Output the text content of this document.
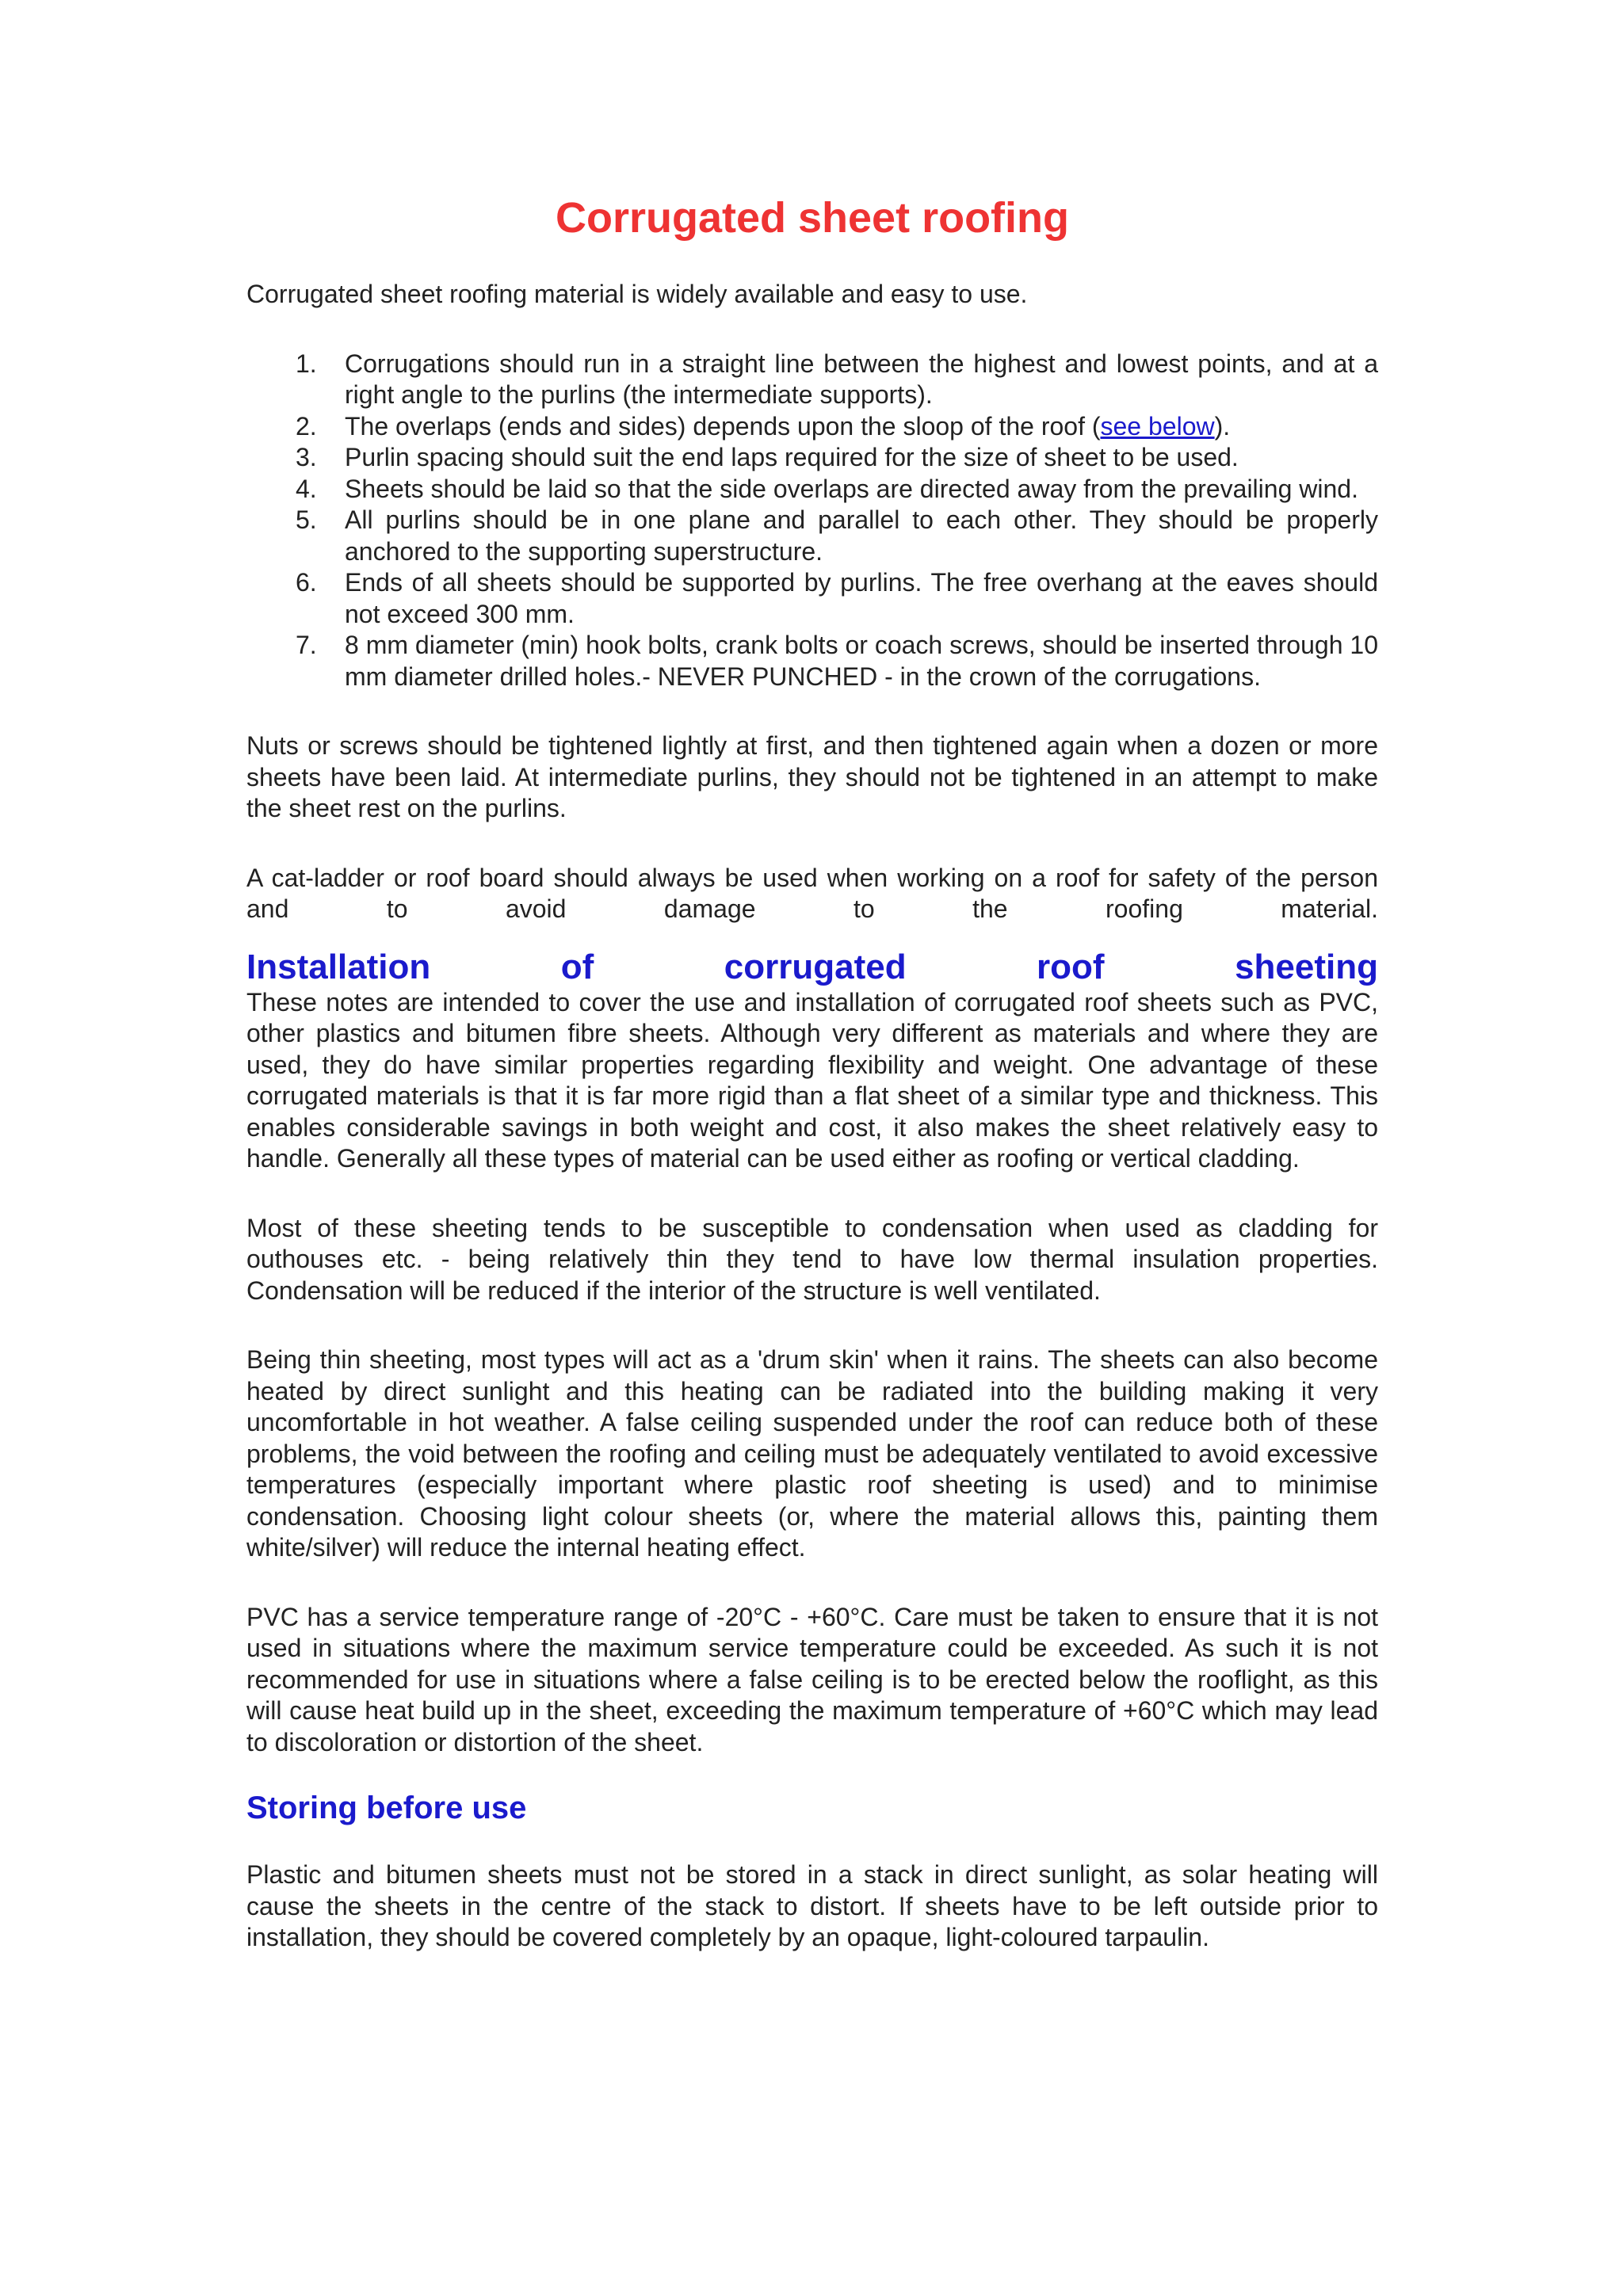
Corrugated sheet roofing

Corrugated sheet roofing material is widely available and easy to use.

1. Corrugations should run in a straight line between the highest and lowest points, and at a right angle to the purlins (the intermediate supports).
2. The overlaps (ends and sides) depends upon the sloop of the roof (see below).
3. Purlin spacing should suit the end laps required for the size of sheet to be used.
4. Sheets should be laid so that the side overlaps are directed away from the prevailing wind.
5. All purlins should be in one plane and parallel to each other. They should be properly anchored to the supporting superstructure.
6. Ends of all sheets should be supported by purlins. The free overhang at the eaves should not exceed 300 mm.
7. 8 mm diameter (min) hook bolts, crank bolts or coach screws, should be inserted through 10 mm diameter drilled holes.- NEVER PUNCHED - in the crown of the corrugations.

Nuts or screws should be tightened lightly at first, and then tightened again when a dozen or more sheets have been laid. At intermediate purlins, they should not be tightened in an attempt to make the sheet rest on the purlins.

A cat-ladder or roof board should always be used when working on a roof for safety of the person and to avoid damage to the roofing material.

Installation of corrugated roof sheeting

These notes are intended to cover the use and installation of corrugated roof sheets such as PVC, other plastics and bitumen fibre sheets. Although very different as materials and where they are used, they do have similar properties regarding flexibility and weight. One advantage of these corrugated materials is that it is far more rigid than a flat sheet of a similar type and thickness. This enables considerable savings in both weight and cost, it also makes the sheet relatively easy to handle. Generally all these types of material can be used either as roofing or vertical cladding.

Most of these sheeting tends to be susceptible to condensation when used as cladding for outhouses etc. - being relatively thin they tend to have low thermal insulation properties. Condensation will be reduced if the interior of the structure is well ventilated.

Being thin sheeting, most types will act as a 'drum skin' when it rains. The sheets can also become heated by direct sunlight and this heating can be radiated into the building making it very uncomfortable in hot weather. A false ceiling suspended under the roof can reduce both of these problems, the void between the roofing and ceiling must be adequately ventilated to avoid excessive temperatures (especially important where plastic roof sheeting is used) and to minimise condensation. Choosing light colour sheets (or, where the material allows this, painting them white/silver) will reduce the internal heating effect.

PVC has a service temperature range of -20°C - +60°C. Care must be taken to ensure that it is not used in situations where the maximum service temperature could be exceeded. As such it is not recommended for use in situations where a false ceiling is to be erected below the rooflight, as this will cause heat build up in the sheet, exceeding the maximum temperature of +60°C which may lead to discoloration or distortion of the sheet.

Storing before use

Plastic and bitumen sheets must not be stored in a stack in direct sunlight, as solar heating will cause the sheets in the centre of the stack to distort. If sheets have to be left outside prior to installation, they should be covered completely by an opaque, light-coloured tarpaulin.
